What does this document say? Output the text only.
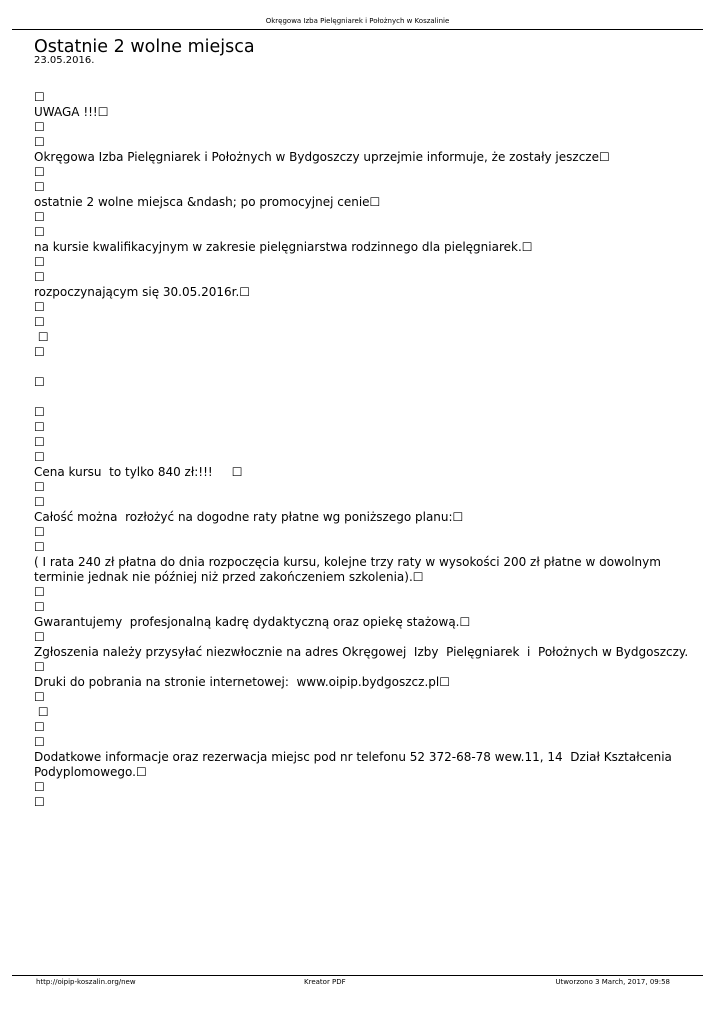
Okręgowa Izba Pielęgniarek i Położnych w Koszalinie
Ostatnie 2 wolne miejsca
23.05.2016.
☐
UWAGA !!!☐
☐
☐
Okręgowa Izba Pielęgniarek i Położnych w Bydgoszczy uprzejmie informuje, że zostały jeszcze☐
☐
☐
ostatnie 2 wolne miejsca &ndash; po promocyjnej cenie☐
☐
☐
na kursie kwalifikacyjnym w zakresie pielęgniarstwa rodzinnego dla pielęgniarek.☐
☐
☐
rozpoczynającym się 30.05.2016r.☐
☐
☐
☐
☐
☐
☐
☐
☐
☐
Cena kursu  to tylko 840 zł:!!!     ☐
☐
☐
Całość można  rozłożyć na dogodne raty płatne wg poniższego planu:☐
☐
☐
( I rata 240 zł płatna do dnia rozpoczęcia kursu, kolejne trzy raty w wysokości 200 zł płatne w dowolnym terminie jednak nie później niż przed zakończeniem szkolenia).☐
☐
☐
Gwarantujemy  profesjonalną kadrę dydaktyczną oraz opiekę stażową.☐
☐
Zgłoszenia należy przysyłać niezwłocznie na adres Okręgowej  Izby  Pielęgniarek  i  Położnych w Bydgoszczy.
☐
Druki do pobrania na stronie internetowej:  www.oipip.bydgoszcz.pl☐
☐
☐
☐
☐
Dodatkowe informacje oraz rezerwacja miejsc pod nr telefonu 52 372-68-78 wew.11, 14  Dział Kształcenia Podyplomowego.☐
☐
☐
http://oipip-koszalin.org/new	Kreator PDF	Utworzono 3 March, 2017, 09:58
